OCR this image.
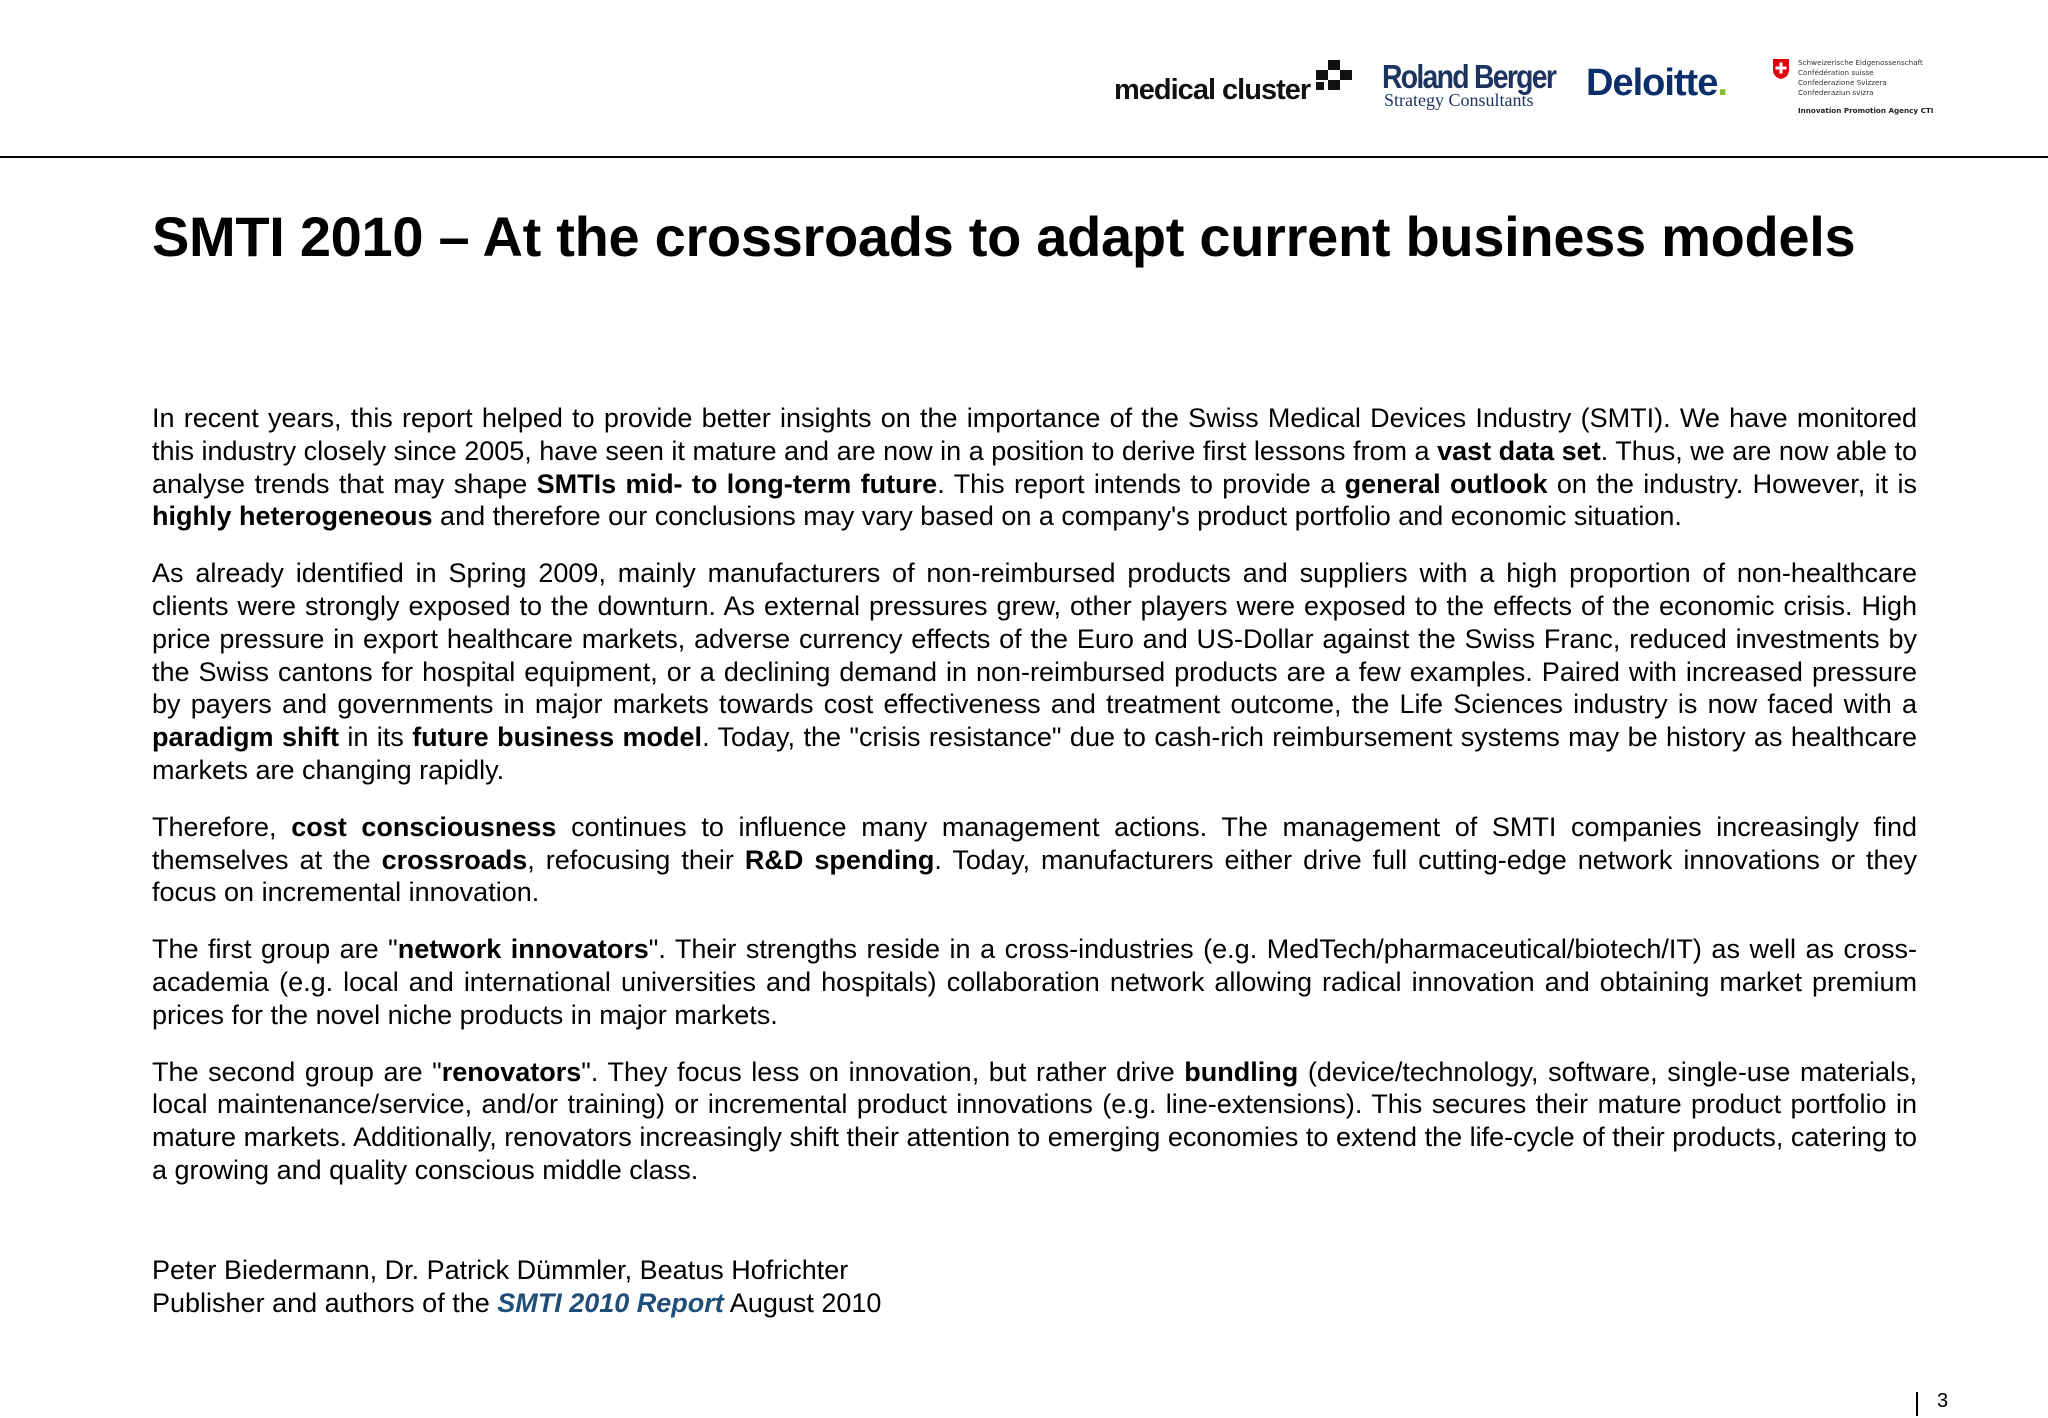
medical cluster Roland Berger
Strategy Consultants	Deloitte.	Schweizerische Eidgenossenschaft
Confédération suisse
Confederazione Svizzera
Confederaziun svizra
Innovation Promotion Agency CTI
SMTI 2010 – At the crossroads to adapt current business models

In recent years, this report helped to provide better insights on the importance of the Swiss Medical Devices Industry (SMTI). We have monitored this industry closely since 2005, have seen it mature and are now in a position to derive first lessons from a vast data set. Thus, we are now able to analyse trends that may shape SMTIs mid- to long-term future. This report intends to provide a general outlook on the industry. However, it is highly heterogeneous and therefore our conclusions may vary based on a company's product portfolio and economic situation.

As already identified in Spring 2009, mainly manufacturers of non-reimbursed products and suppliers with a high proportion of non-healthcare clients were strongly exposed to the downturn. As external pressures grew, other players were exposed to the effects of the economic crisis. High price pressure in export healthcare markets, adverse currency effects of the Euro and US-Dollar against the Swiss Franc, reduced investments by the Swiss cantons for hospital equipment, or a declining demand in non-reimbursed products are a few examples. Paired with increased pressure by payers and governments in major markets towards cost effectiveness and treatment outcome, the Life Sciences industry is now faced with a paradigm shift in its future business model. Today, the "crisis resistance" due to cash-rich reimbursement systems may be history as healthcare markets are changing rapidly.

Therefore, cost consciousness continues to influence many management actions. The management of SMTI companies increasingly find themselves at the crossroads, refocusing their R&D spending. Today, manufacturers either drive full cutting-edge network innovations or they focus on incremental innovation.

The first group are "network innovators". Their strengths reside in a cross-industries (e.g. MedTech/pharmaceutical/biotech/IT) as well as cross-academia (e.g. local and international universities and hospitals) collaboration network allowing radical innovation and obtaining market premium prices for the novel niche products in major markets.

The second group are "renovators". They focus less on innovation, but rather drive bundling (device/technology, software, single-use materials, local maintenance/service, and/or training) or incremental product innovations (e.g. line-extensions). This secures their mature product portfolio in mature markets. Additionally, renovators increasingly shift their attention to emerging economies to extend the life-cycle of their products, catering to a growing and quality conscious middle class.

Peter Biedermann, Dr. Patrick Dümmler, Beatus Hofrichter
Publisher and authors of the SMTI 2010 Report August 2010
3
